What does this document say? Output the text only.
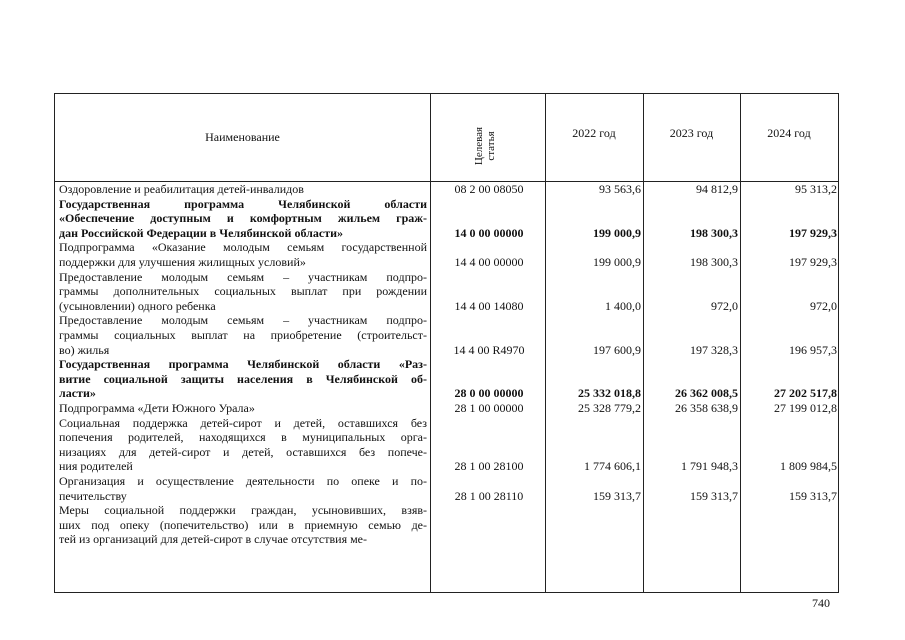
Наименование	Целевая статья	2022 год	2023 год	2024 год
Оздоровление и реабилитация детей-инвалидов	08 2 00 08050	93 563,6	94 812,9	95 313,2
Государственная программа Челябинской области
«Обеспечение доступным и комфортным жильем граж-
дан Российской Федерации в Челябинской области»	14 0 00 00000	199 000,9	198 300,3	197 929,3
Подпрограмма «Оказание молодым семьям государственной
поддержки для улучшения жилищных условий»	14 4 00 00000	199 000,9	198 300,3	197 929,3
Предоставление молодым семьям – участникам подпро-
граммы дополнительных социальных выплат при рождении
(усыновлении) одного ребенка	14 4 00 14080	1 400,0	972,0	972,0
Предоставление молодым семьям – участникам подпро-
граммы социальных выплат на приобретение (строительст-
во) жилья	14 4 00 R4970	197 600,9	197 328,3	196 957,3
Государственная программа Челябинской области «Раз-
витие социальной защиты населения в Челябинской об-
ласти»	28 0 00 00000	25 332 018,8	26 362 008,5	27 202 517,8
Подпрограмма «Дети Южного Урала»	28 1 00 00000	25 328 779,2	26 358 638,9	27 199 012,8
Социальная поддержка детей-сирот и детей, оставшихся без
попечения родителей, находящихся в муниципальных орга-
низациях для детей-сирот и детей, оставшихся без попече-
ния родителей	28 1 00 28100	1 774 606,1	1 791 948,3	1 809 984,5
Организация и осуществление деятельности по опеке и по-
печительству	28 1 00 28110	159 313,7	159 313,7	159 313,7
Меры социальной поддержки граждан, усыновивших, взяв-
ших под опеку (попечительство) или в приемную семью де-
тей из организаций для детей-сирот в случае отсутствия ме-
740
